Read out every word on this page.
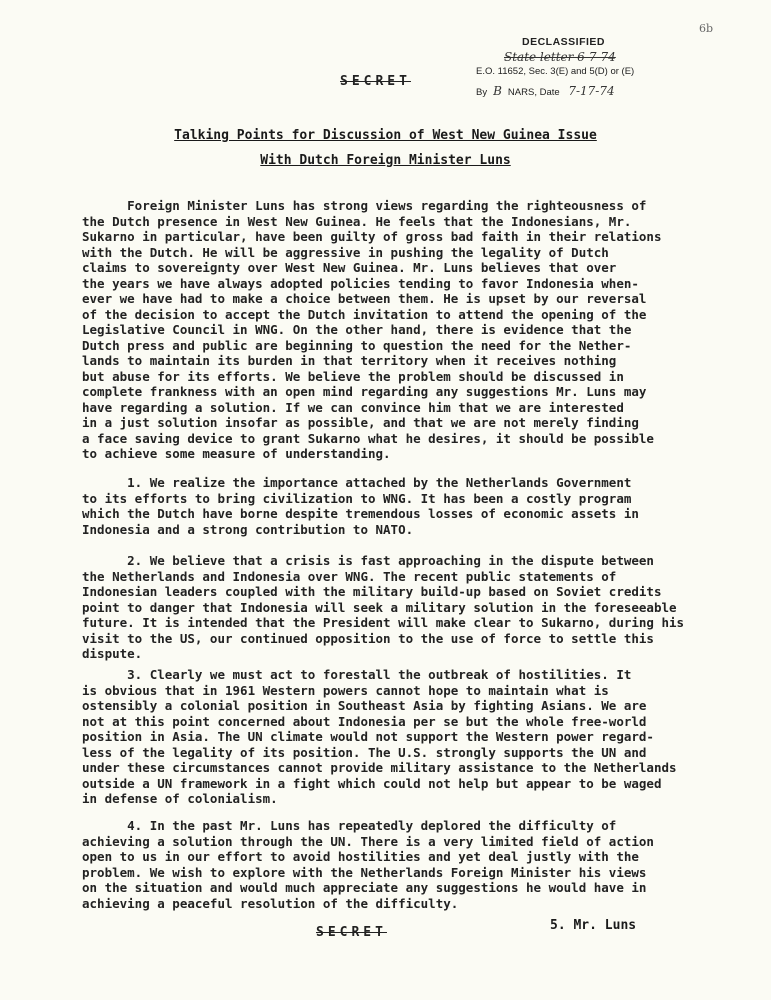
6b
DECLASSIFIED
State letter 6-7-74
E.O. 11652, Sec. 3(E) and 5(D) or (E)
By B NARS, Date 7-17-74
SECRET
Talking Points for Discussion of West New Guinea Issue
With Dutch Foreign Minister Luns
Foreign Minister Luns has strong views regarding the righteousness of
the Dutch presence in West New Guinea. He feels that the Indonesians, Mr.
Sukarno in particular, have been guilty of gross bad faith in their relations
with the Dutch. He will be aggressive in pushing the legality of Dutch
claims to sovereignty over West New Guinea. Mr. Luns believes that over
the years we have always adopted policies tending to favor Indonesia when-
ever we have had to make a choice between them. He is upset by our reversal
of the decision to accept the Dutch invitation to attend the opening of the
Legislative Council in WNG. On the other hand, there is evidence that the
Dutch press and public are beginning to question the need for the Nether-
lands to maintain its burden in that territory when it receives nothing
but abuse for its efforts. We believe the problem should be discussed in
complete frankness with an open mind regarding any suggestions Mr. Luns may
have regarding a solution. If we can convince him that we are interested
in a just solution insofar as possible, and that we are not merely finding
a face saving device to grant Sukarno what he desires, it should be possible
to achieve some measure of understanding.
1. We realize the importance attached by the Netherlands Government
to its efforts to bring civilization to WNG. It has been a costly program
which the Dutch have borne despite tremendous losses of economic assets in
Indonesia and a strong contribution to NATO.
2. We believe that a crisis is fast approaching in the dispute between
the Netherlands and Indonesia over WNG. The recent public statements of
Indonesian leaders coupled with the military build-up based on Soviet credits
point to danger that Indonesia will seek a military solution in the foreseeable
future. It is intended that the President will make clear to Sukarno, during his
visit to the US, our continued opposition to the use of force to settle this
dispute.
3. Clearly we must act to forestall the outbreak of hostilities. It
is obvious that in 1961 Western powers cannot hope to maintain what is
ostensibly a colonial position in Southeast Asia by fighting Asians. We are
not at this point concerned about Indonesia per se but the whole free-world
position in Asia. The UN climate would not support the Western power regard-
less of the legality of its position. The U.S. strongly supports the UN and
under these circumstances cannot provide military assistance to the Netherlands
outside a UN framework in a fight which could not help but appear to be waged
in defense of colonialism.
4. In the past Mr. Luns has repeatedly deplored the difficulty of
achieving a solution through the UN. There is a very limited field of action
open to us in our effort to avoid hostilities and yet deal justly with the
problem. We wish to explore with the Netherlands Foreign Minister his views
on the situation and would much appreciate any suggestions he would have in
achieving a peaceful resolution of the difficulty.
SECRET	5. Mr. Luns
